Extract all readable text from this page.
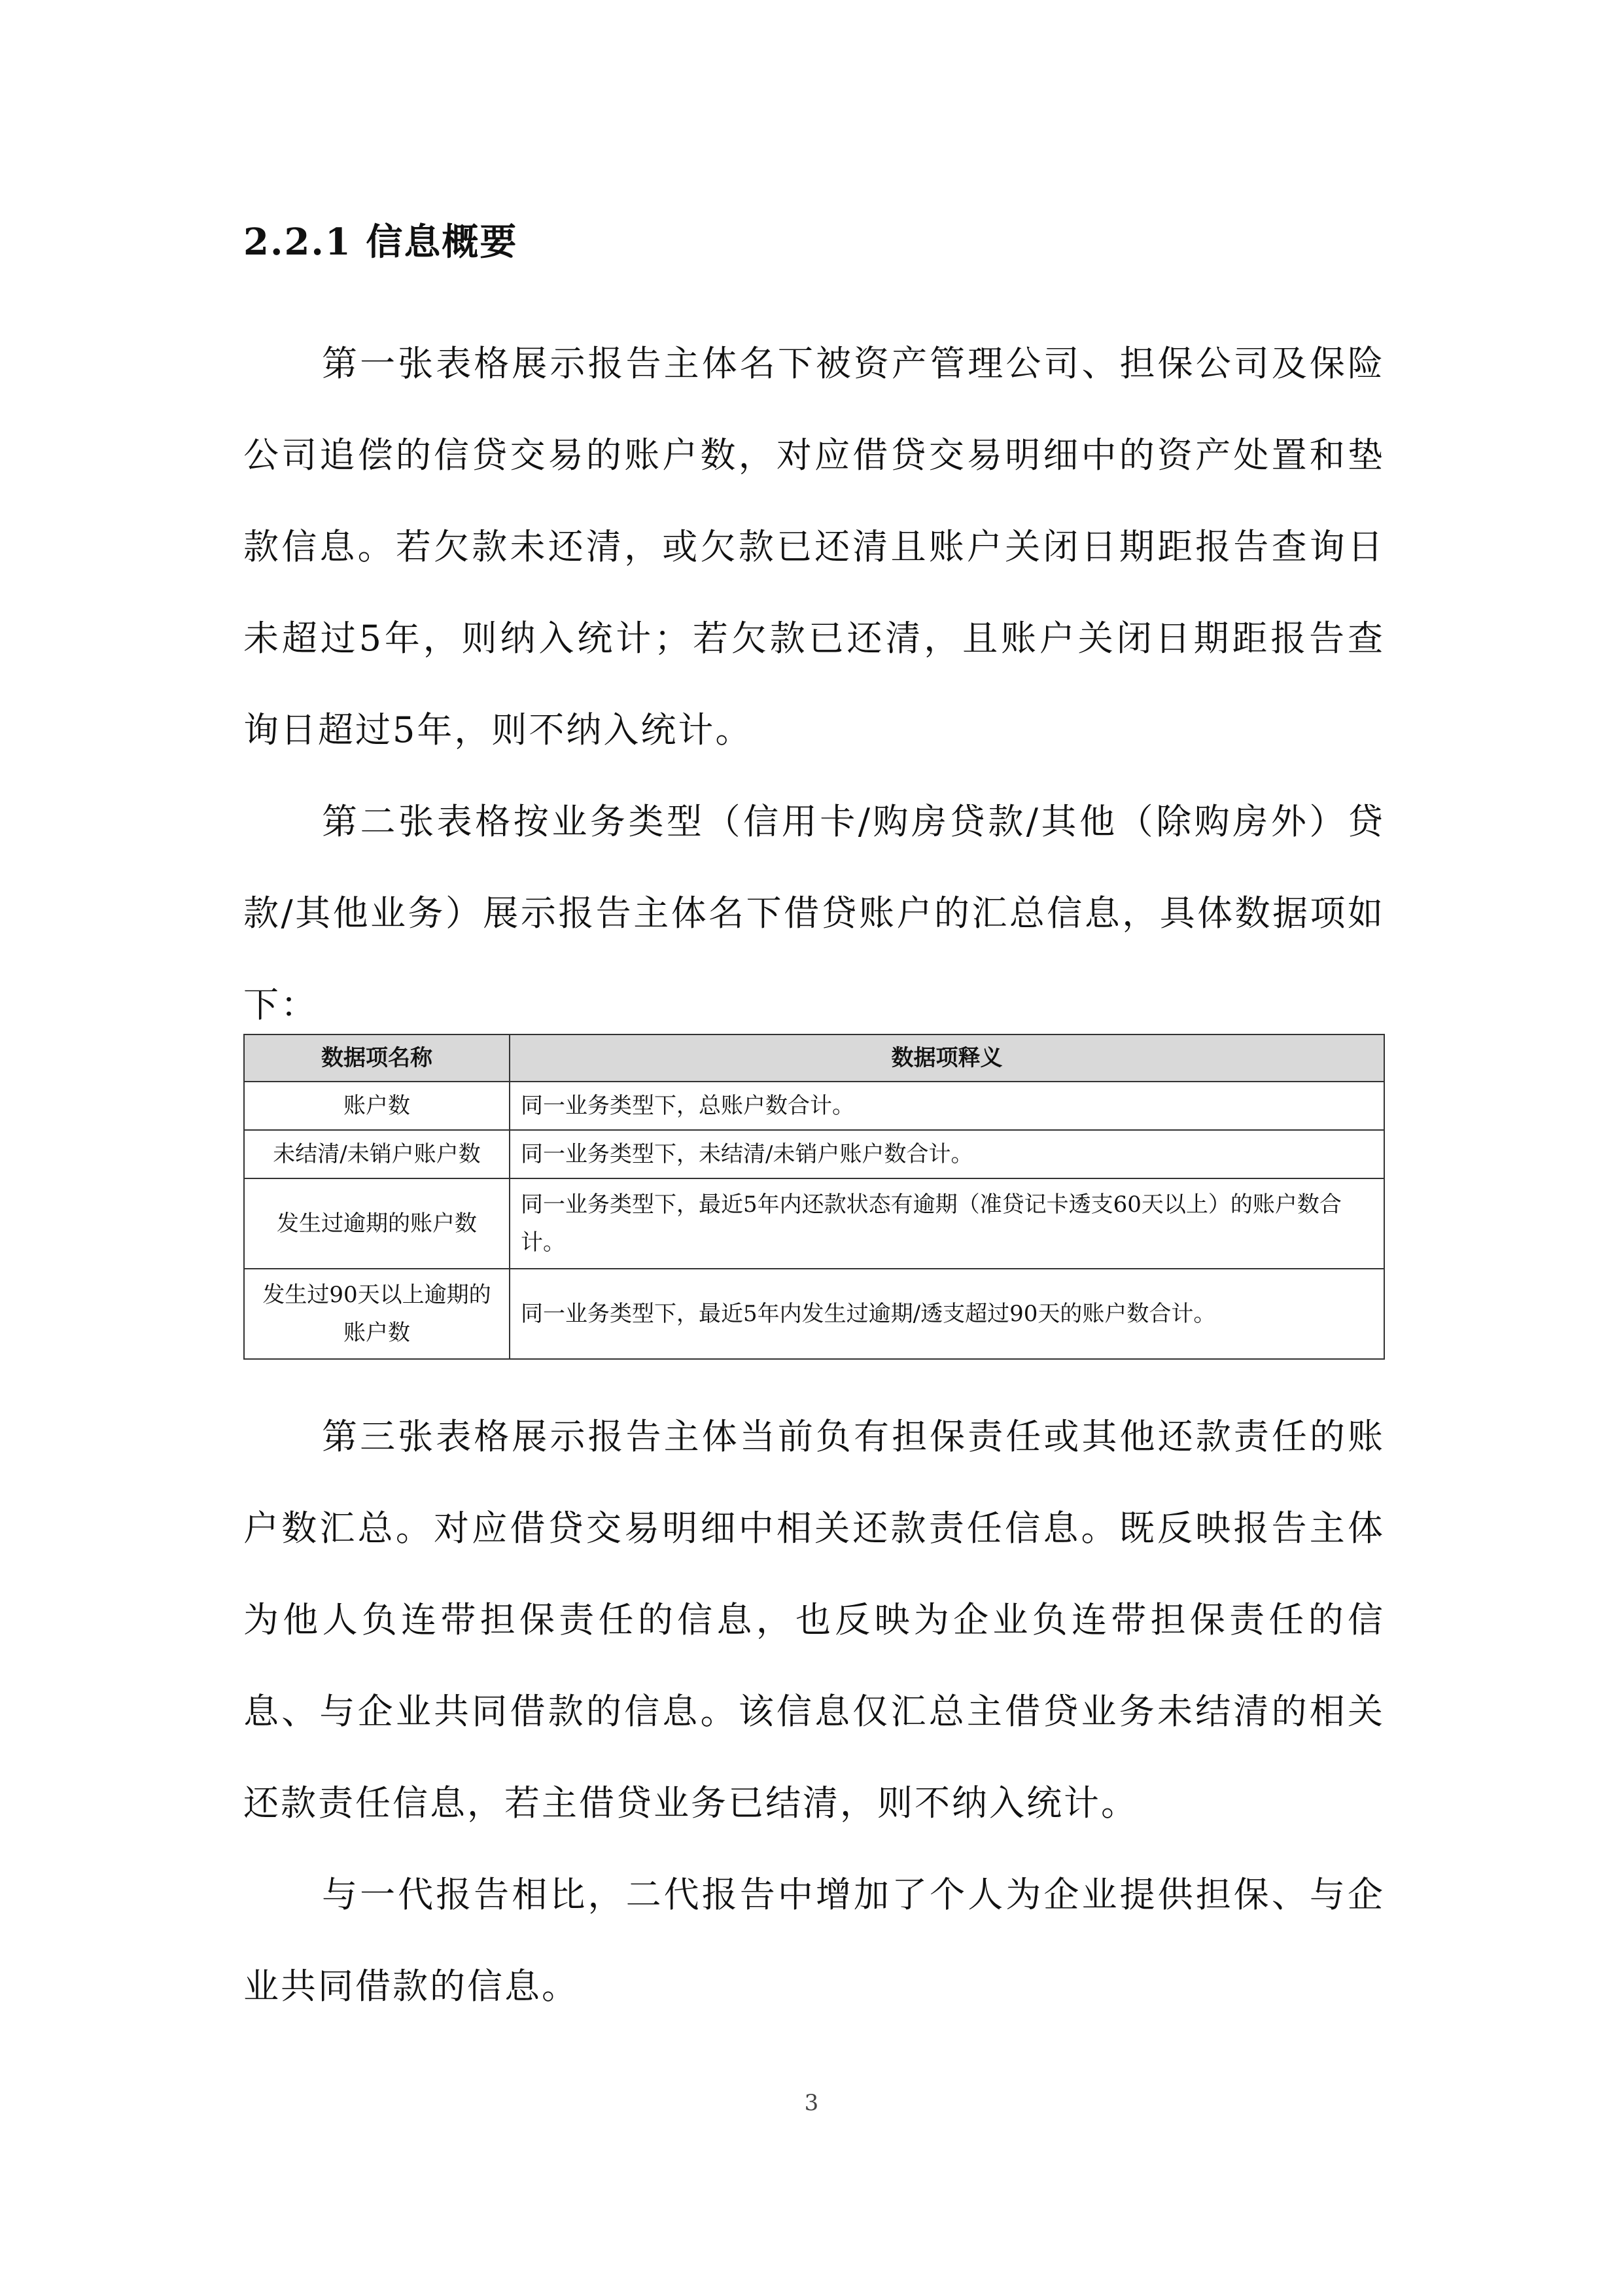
2.2.1 信息概要

第一张表格展示报告主体名下被资产管理公司、担保公司及保险公司追偿的信贷交易的账户数，对应借贷交易明细中的资产处置和垫款信息。若欠款未还清，或欠款已还清且账户关闭日期距报告查询日未超过5年，则纳入统计；若欠款已还清，且账户关闭日期距报告查询日超过5年，则不纳入统计。

第二张表格按业务类型（信用卡/购房贷款/其他（除购房外）贷款/其他业务）展示报告主体名下借贷账户的汇总信息，具体数据项如下：

数据项名称	数据项释义
账户数	同一业务类型下，总账户数合计。
未结清/未销户账户数	同一业务类型下，未结清/未销户账户数合计。
发生过逾期的账户数	同一业务类型下，最近5年内还款状态有逾期（准贷记卡透支60天以上）的账户数合计。
发生过90天以上逾期的账户数	同一业务类型下，最近5年内发生过逾期/透支超过90天的账户数合计。

第三张表格展示报告主体当前负有担保责任或其他还款责任的账户数汇总。对应借贷交易明细中相关还款责任信息。既反映报告主体为他人负连带担保责任的信息，也反映为企业负连带担保责任的信息、与企业共同借款的信息。该信息仅汇总主借贷业务未结清的相关还款责任信息，若主借贷业务已结清，则不纳入统计。

与一代报告相比，二代报告中增加了个人为企业提供担保、与企业共同借款的信息。

3
